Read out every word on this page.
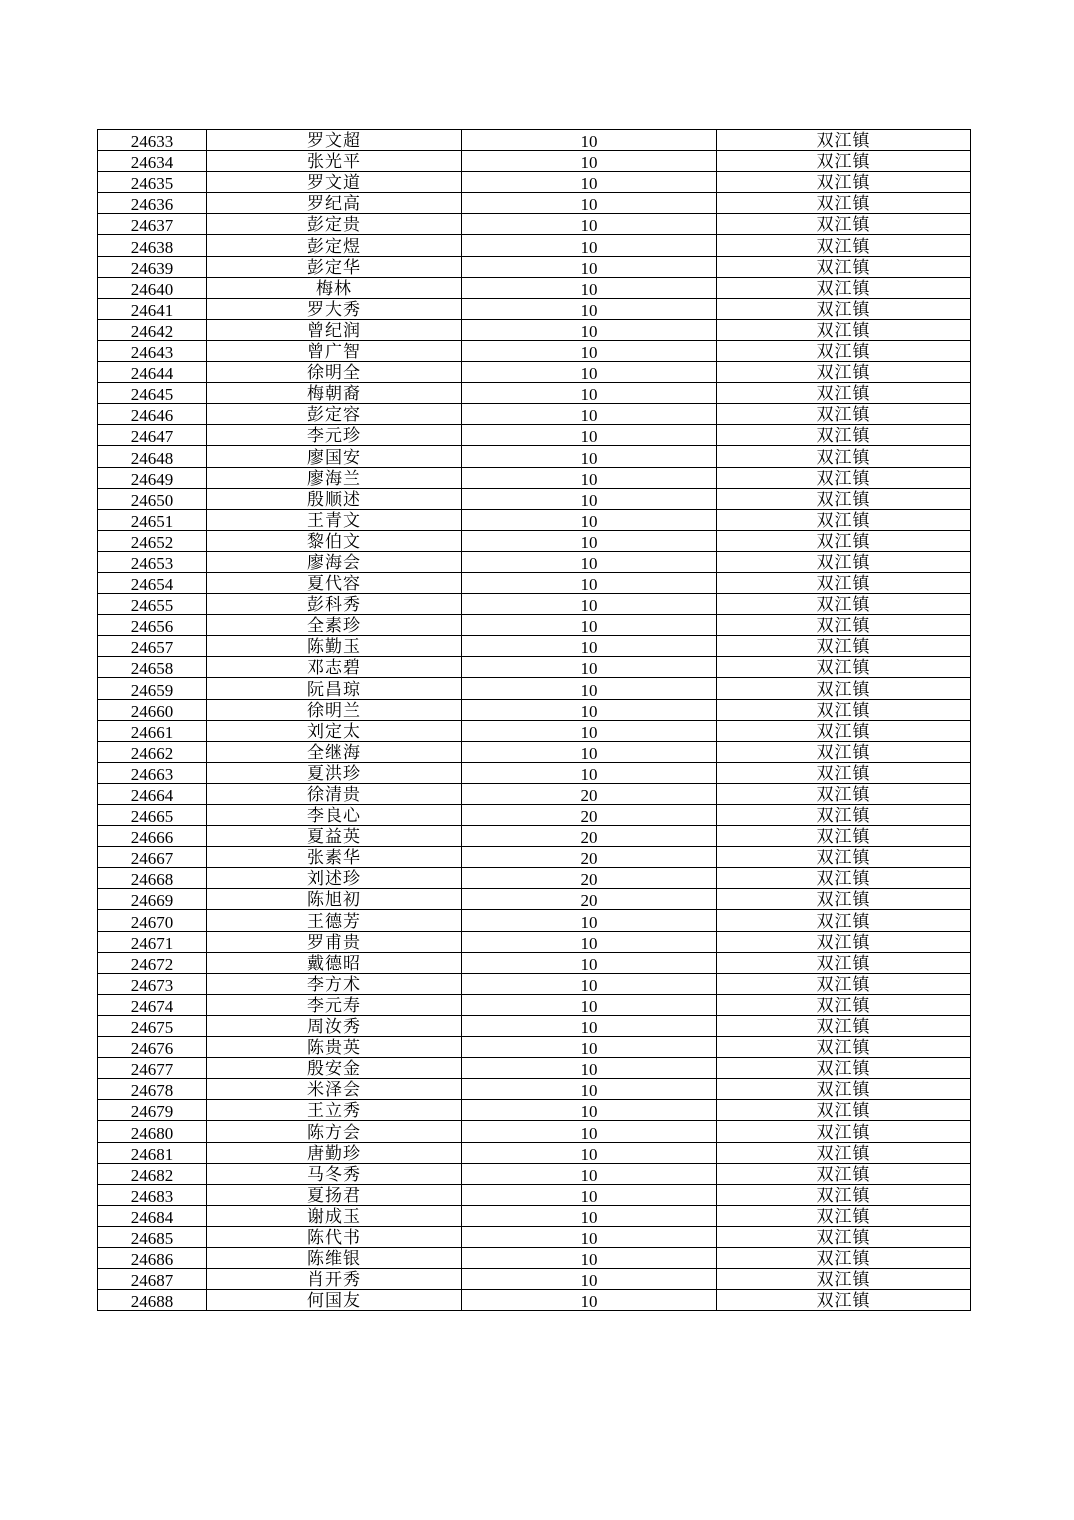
24633	罗文超	10	双江镇
24634	张光平	10	双江镇
24635	罗文道	10	双江镇
24636	罗纪高	10	双江镇
24637	彭定贵	10	双江镇
24638	彭定煜	10	双江镇
24639	彭定华	10	双江镇
24640	梅林	10	双江镇
24641	罗大秀	10	双江镇
24642	曾纪润	10	双江镇
24643	曾广智	10	双江镇
24644	徐明全	10	双江镇
24645	梅朝裔	10	双江镇
24646	彭定容	10	双江镇
24647	李元珍	10	双江镇
24648	廖国安	10	双江镇
24649	廖海兰	10	双江镇
24650	殷顺述	10	双江镇
24651	王青文	10	双江镇
24652	黎伯文	10	双江镇
24653	廖海会	10	双江镇
24654	夏代容	10	双江镇
24655	彭科秀	10	双江镇
24656	全素珍	10	双江镇
24657	陈勤玉	10	双江镇
24658	邓志碧	10	双江镇
24659	阮昌琼	10	双江镇
24660	徐明兰	10	双江镇
24661	刘定太	10	双江镇
24662	全继海	10	双江镇
24663	夏洪珍	10	双江镇
24664	徐清贵	20	双江镇
24665	李良心	20	双江镇
24666	夏益英	20	双江镇
24667	张素华	20	双江镇
24668	刘述珍	20	双江镇
24669	陈旭初	20	双江镇
24670	王德芳	10	双江镇
24671	罗甫贵	10	双江镇
24672	戴德昭	10	双江镇
24673	李方术	10	双江镇
24674	李元寿	10	双江镇
24675	周汝秀	10	双江镇
24676	陈贵英	10	双江镇
24677	殷安金	10	双江镇
24678	米泽会	10	双江镇
24679	王立秀	10	双江镇
24680	陈方会	10	双江镇
24681	唐勤珍	10	双江镇
24682	马冬秀	10	双江镇
24683	夏扬君	10	双江镇
24684	谢成玉	10	双江镇
24685	陈代书	10	双江镇
24686	陈维银	10	双江镇
24687	肖开秀	10	双江镇
24688	何国友	10	双江镇
